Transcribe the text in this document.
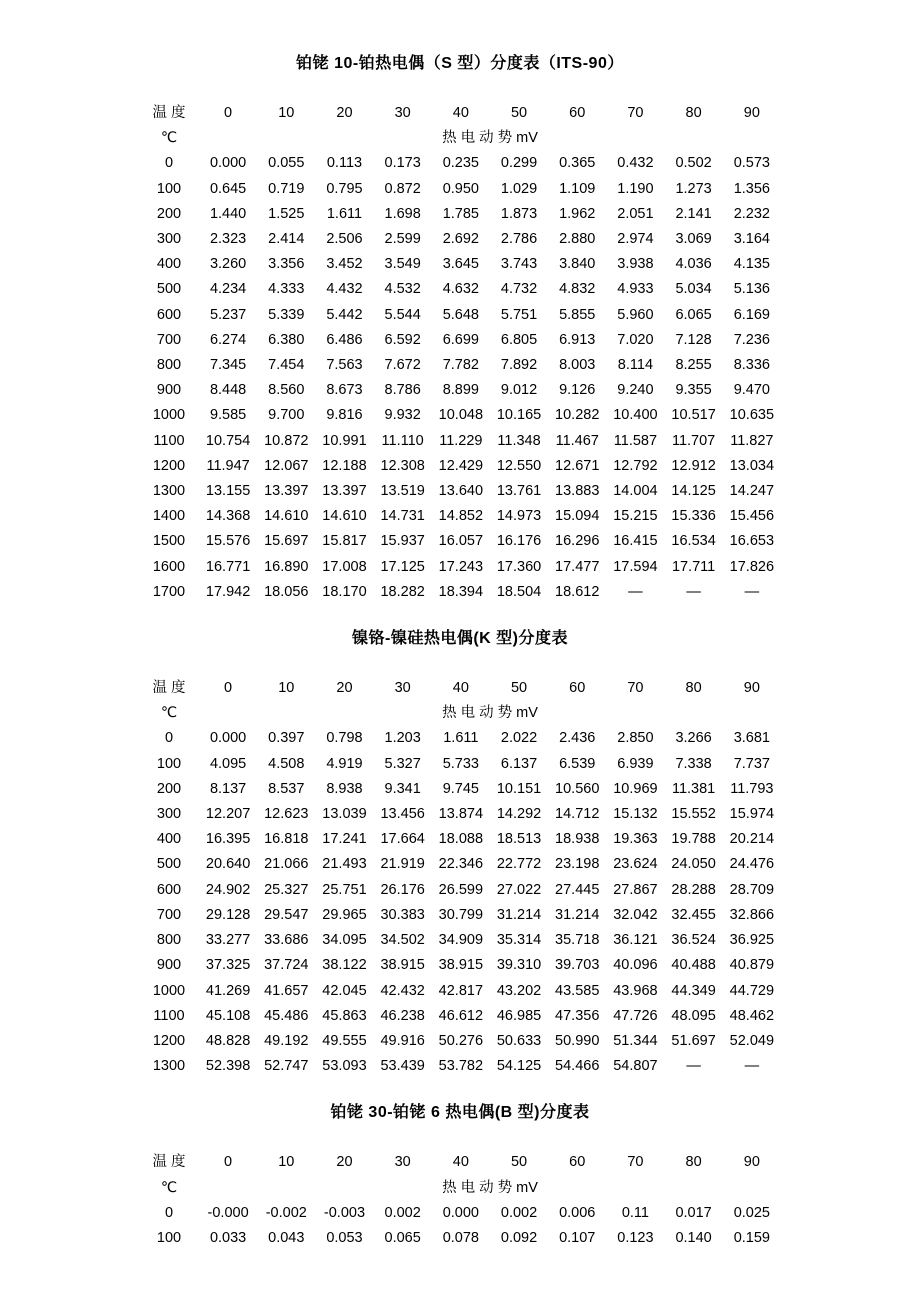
铂铑 10-铂热电偶（S 型）分度表（ITS-90）
温 度	0	10	20	30	40	50	60	70	80	90
℃	热 电 动 势 mV									
0	0.000	0.055	0.113	0.173	0.235	0.299	0.365	0.432	0.502	0.573
100	0.645	0.719	0.795	0.872	0.950	1.029	1.109	1.190	1.273	1.356
200	1.440	1.525	1.611	1.698	1.785	1.873	1.962	2.051	2.141	2.232
300	2.323	2.414	2.506	2.599	2.692	2.786	2.880	2.974	3.069	3.164
400	3.260	3.356	3.452	3.549	3.645	3.743	3.840	3.938	4.036	4.135
500	4.234	4.333	4.432	4.532	4.632	4.732	4.832	4.933	5.034	5.136
600	5.237	5.339	5.442	5.544	5.648	5.751	5.855	5.960	6.065	6.169
700	6.274	6.380	6.486	6.592	6.699	6.805	6.913	7.020	7.128	7.236
800	7.345	7.454	7.563	7.672	7.782	7.892	8.003	8.114	8.255	8.336
900	8.448	8.560	8.673	8.786	8.899	9.012	9.126	9.240	9.355	9.470
1000	9.585	9.700	9.816	9.932	10.048	10.165	10.282	10.400	10.517	10.635
1100	10.754	10.872	10.991	11.110	11.229	11.348	11.467	11.587	11.707	11.827
1200	11.947	12.067	12.188	12.308	12.429	12.550	12.671	12.792	12.912	13.034
1300	13.155	13.397	13.397	13.519	13.640	13.761	13.883	14.004	14.125	14.247
1400	14.368	14.610	14.610	14.731	14.852	14.973	15.094	15.215	15.336	15.456
1500	15.576	15.697	15.817	15.937	16.057	16.176	16.296	16.415	16.534	16.653
1600	16.771	16.890	17.008	17.125	17.243	17.360	17.477	17.594	17.711	17.826
1700	17.942	18.056	18.170	18.282	18.394	18.504	18.612	—	—	—
镍铬-镍硅热电偶(K 型)分度表
温 度	0	10	20	30	40	50	60	70	80	90
℃	热 电 动 势 mV									
0	0.000	0.397	0.798	1.203	1.611	2.022	2.436	2.850	3.266	3.681
100	4.095	4.508	4.919	5.327	5.733	6.137	6.539	6.939	7.338	7.737
200	8.137	8.537	8.938	9.341	9.745	10.151	10.560	10.969	11.381	11.793
300	12.207	12.623	13.039	13.456	13.874	14.292	14.712	15.132	15.552	15.974
400	16.395	16.818	17.241	17.664	18.088	18.513	18.938	19.363	19.788	20.214
500	20.640	21.066	21.493	21.919	22.346	22.772	23.198	23.624	24.050	24.476
600	24.902	25.327	25.751	26.176	26.599	27.022	27.445	27.867	28.288	28.709
700	29.128	29.547	29.965	30.383	30.799	31.214	31.214	32.042	32.455	32.866
800	33.277	33.686	34.095	34.502	34.909	35.314	35.718	36.121	36.524	36.925
900	37.325	37.724	38.122	38.915	38.915	39.310	39.703	40.096	40.488	40.879
1000	41.269	41.657	42.045	42.432	42.817	43.202	43.585	43.968	44.349	44.729
1100	45.108	45.486	45.863	46.238	46.612	46.985	47.356	47.726	48.095	48.462
1200	48.828	49.192	49.555	49.916	50.276	50.633	50.990	51.344	51.697	52.049
1300	52.398	52.747	53.093	53.439	53.782	54.125	54.466	54.807	—	—
铂铑 30-铂铑 6 热电偶(B 型)分度表
温 度	0	10	20	30	40	50	60	70	80	90
℃	热 电 动 势 mV									
0	-0.000	-0.002	-0.003	0.002	0.000	0.002	0.006	0.11	0.017	0.025
100	0.033	0.043	0.053	0.065	0.078	0.092	0.107	0.123	0.140	0.159
